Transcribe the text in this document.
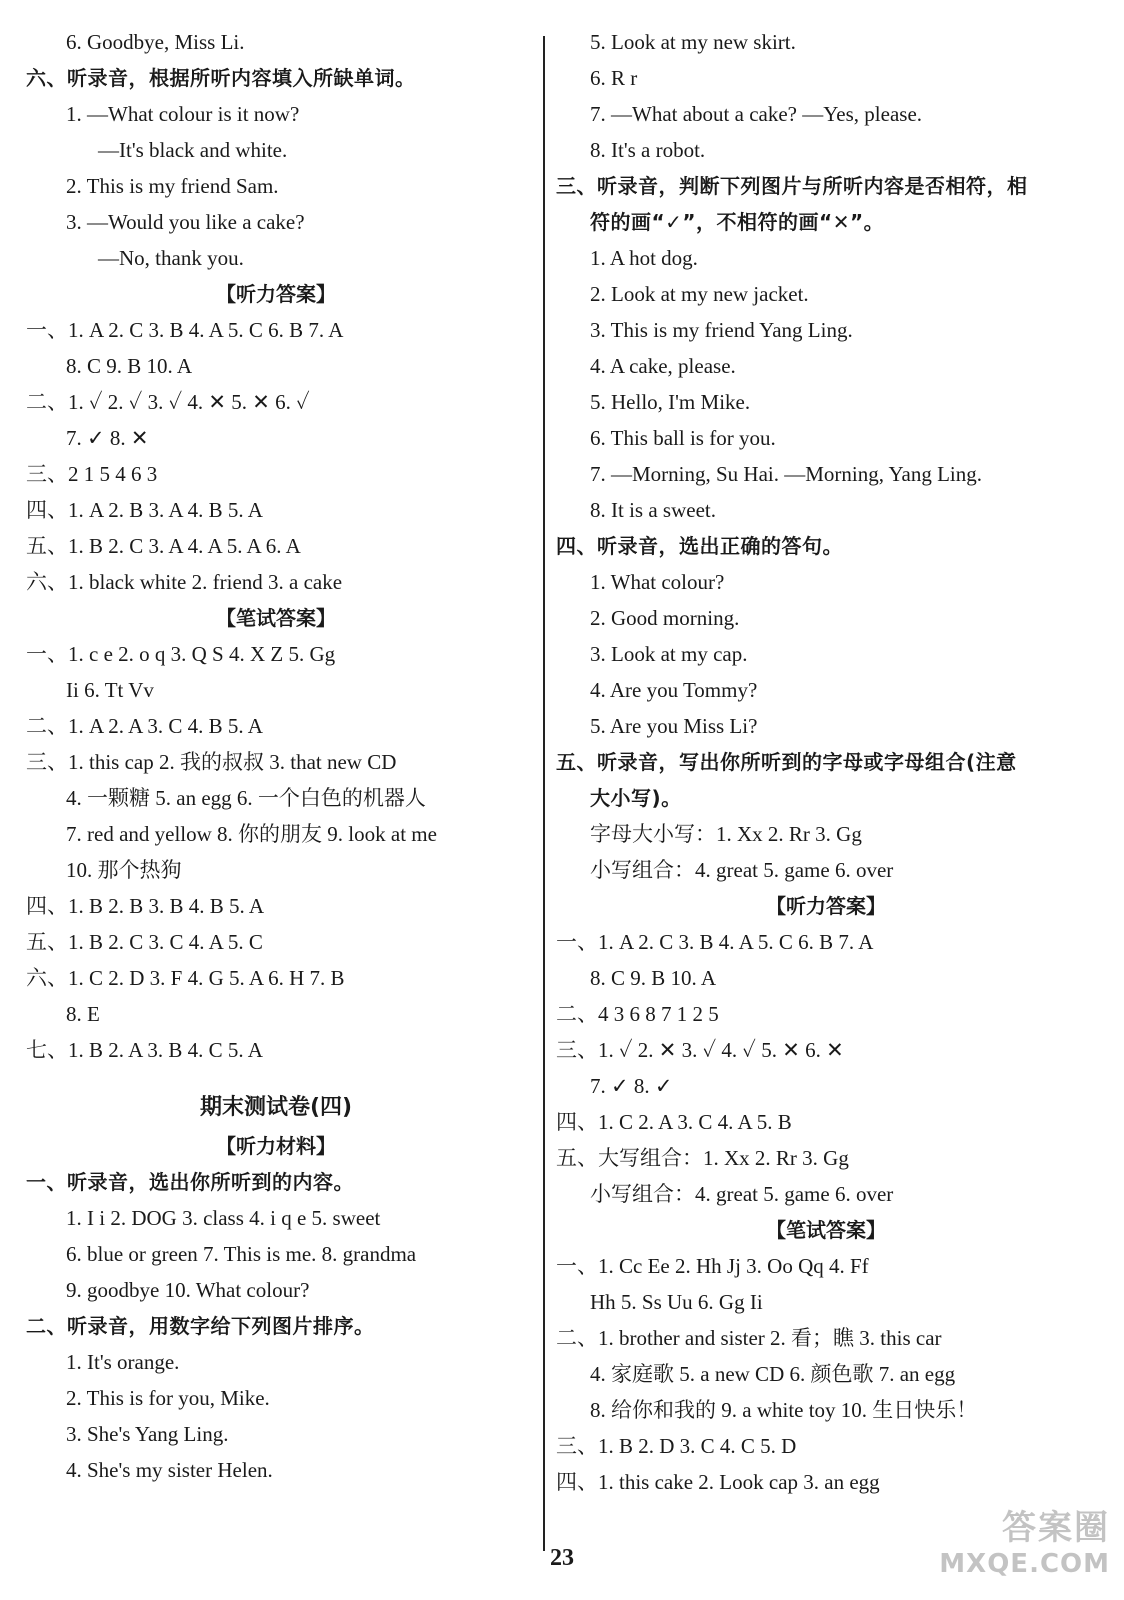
6. Goodbye, Miss Li.
六、听录音，根据所听内容填入所缺单词。
1. —What colour is it now?
—It's black and white.
2. This is my friend Sam.
3. —Would you like a cake?
—No, thank you.
【听力答案】
一、1. A 2. C 3. B 4. A 5. C 6. B 7. A
8. C 9. B 10. A
二、1. ✓ 2. ✓ 3. ✓ 4. ✕ 5. ✕ 6. ✓
7. ✓ 8. ✕
三、2 1 5 4 6 3
四、1. A 2. B 3. A 4. B 5. A
五、1. B 2. C 3. A 4. A 5. A 6. A
六、1. black white 2. friend 3. a cake
【笔试答案】
一、1. c e 2. o q 3. Q S 4. X Z 5. Gg
Ii 6. Tt Vv
二、1. A 2. A 3. C 4. B 5. A
三、1. this cap 2. 我的叔叔 3. that new CD
4. 一颗糖 5. an egg 6. 一个白色的机器人
7. red and yellow 8. 你的朋友 9. look at me
10. 那个热狗
四、1. B 2. B 3. B 4. B 5. A
五、1. B 2. C 3. C 4. A 5. C
六、1. C 2. D 3. F 4. G 5. A 6. H 7. B
8. E
七、1. B 2. A 3. B 4. C 5. A
期末测试卷(四)
【听力材料】
一、听录音，选出你所听到的内容。
1. I i 2. DOG 3. class 4. i q e 5. sweet
6. blue or green 7. This is me. 8. grandma
9. goodbye 10. What colour?
二、听录音，用数字给下列图片排序。
1. It's orange.
2. This is for you, Mike.
3. She's Yang Ling.
4. She's my sister Helen.
5. Look at my new skirt.
6. R r
7. —What about a cake? —Yes, please.
8. It's a robot.
三、听录音，判断下列图片与所听内容是否相符，相
符的画“✓”，不相符的画“✕”。
1. A hot dog.
2. Look at my new jacket.
3. This is my friend Yang Ling.
4. A cake, please.
5. Hello, I'm Mike.
6. This ball is for you.
7. —Morning, Su Hai. —Morning, Yang Ling.
8. It is a sweet.
四、听录音，选出正确的答句。
1. What colour?
2. Good morning.
3. Look at my cap.
4. Are you Tommy?
5. Are you Miss Li?
五、听录音，写出你所听到的字母或字母组合(注意
大小写)。
字母大小写：1. Xx 2. Rr 3. Gg
小写组合：4. great 5. game 6. over
【听力答案】
一、1. A 2. C 3. B 4. A 5. C 6. B 7. A
8. C 9. B 10. A
二、4 3 6 8 7 1 2 5
三、1. ✓ 2. ✕ 3. ✓ 4. ✓ 5. ✕ 6. ✕
7. ✓ 8. ✓
四、1. C 2. A 3. C 4. A 5. B
五、大写组合：1. Xx 2. Rr 3. Gg
小写组合：4. great 5. game 6. over
【笔试答案】
一、1. Cc Ee 2. Hh Jj 3. Oo Qq 4. Ff
Hh 5. Ss Uu 6. Gg Ii
二、1. brother and sister 2. 看；瞧 3. this car
4. 家庭歌 5. a new CD 6. 颜色歌 7. an egg
8. 给你和我的 9. a white toy 10. 生日快乐！
三、1. B 2. D 3. C 4. C 5. D
四、1. this cake 2. Look cap 3. an egg
23
答案圈
MXQE.COM
